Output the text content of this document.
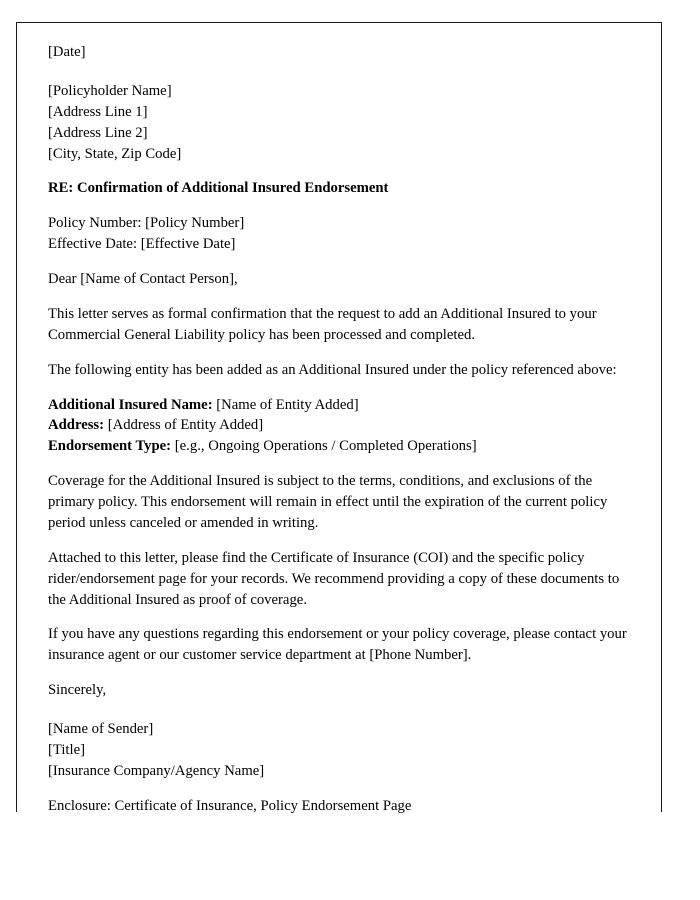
[Date]
[Policyholder Name]
[Address Line 1]
[Address Line 2]
[City, State, Zip Code]
RE: Confirmation of Additional Insured Endorsement
Policy Number: [Policy Number]
Effective Date: [Effective Date]
Dear [Name of Contact Person],
This letter serves as formal confirmation that the request to add an Additional Insured to your Commercial General Liability policy has been processed and completed.
The following entity has been added as an Additional Insured under the policy referenced above:
Additional Insured Name: [Name of Entity Added]
Address: [Address of Entity Added]
Endorsement Type: [e.g., Ongoing Operations / Completed Operations]
Coverage for the Additional Insured is subject to the terms, conditions, and exclusions of the primary policy. This endorsement will remain in effect until the expiration of the current policy period unless canceled or amended in writing.
Attached to this letter, please find the Certificate of Insurance (COI) and the specific policy rider/endorsement page for your records. We recommend providing a copy of these documents to the Additional Insured as proof of coverage.
If you have any questions regarding this endorsement or your policy coverage, please contact your insurance agent or our customer service department at [Phone Number].
Sincerely,
[Name of Sender]
[Title]
[Insurance Company/Agency Name]
Enclosure: Certificate of Insurance, Policy Endorsement Page
